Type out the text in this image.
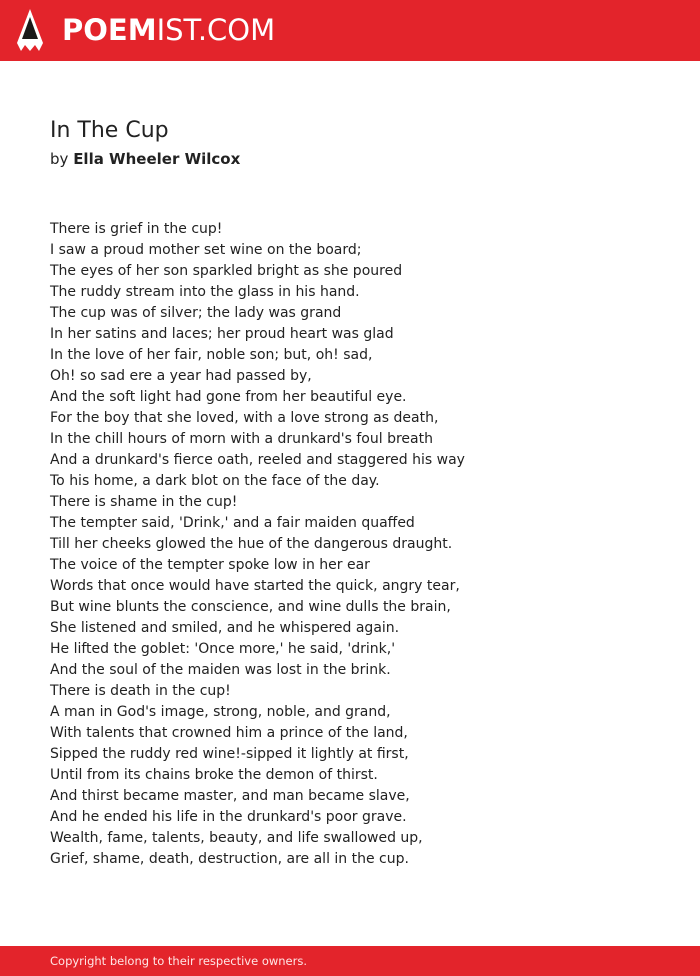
POEMIST.COM
In The Cup
by Ella Wheeler Wilcox
There is grief in the cup!
I saw a proud mother set wine on the board;
The eyes of her son sparkled bright as she poured
The ruddy stream into the glass in his hand.
The cup was of silver; the lady was grand
In her satins and laces; her proud heart was glad
In the love of her fair, noble son; but, oh! sad,
Oh! so sad ere a year had passed by,
And the soft light had gone from her beautiful eye.
For the boy that she loved, with a love strong as death,
In the chill hours of morn with a drunkard's foul breath
And a drunkard's fierce oath, reeled and staggered his way
To his home, a dark blot on the face of the day.
There is shame in the cup!
The tempter said, 'Drink,' and a fair maiden quaffed
Till her cheeks glowed the hue of the dangerous draught.
The voice of the tempter spoke low in her ear
Words that once would have started the quick, angry tear,
But wine blunts the conscience, and wine dulls the brain,
She listened and smiled, and he whispered again.
He lifted the goblet: 'Once more,' he said, 'drink,'
And the soul of the maiden was lost in the brink.
There is death in the cup!
A man in God's image, strong, noble, and grand,
With talents that crowned him a prince of the land,
Sipped the ruddy red wine!-sipped it lightly at first,
Until from its chains broke the demon of thirst.
And thirst became master, and man became slave,
And he ended his life in the drunkard's poor grave.
Wealth, fame, talents, beauty, and life swallowed up,
Grief, shame, death, destruction, are all in the cup.
Copyright belong to their respective owners.
